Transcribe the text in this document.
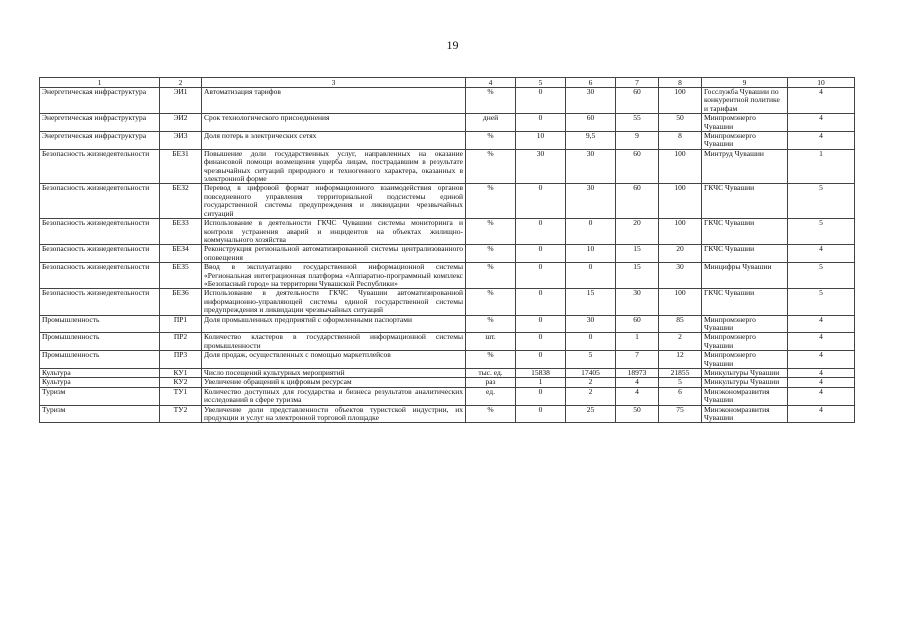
19
1	2	3	4	5	6	7	8	9	10
Энергетическая инфраструктура	ЭИ1	Автоматизация тарифов	%	0	30	60	100	Госслужба Чувашии по конкурентной политике и тарифам	4
Энергетическая инфраструктура	ЭИ2	Срок технологического присоединения	дней	0	60	55	50	Минпромэнерго Чувашии	4
Энергетическая инфраструктура	ЭИ3	Доля потерь в электрических сетях	%	10	9,5	9	8	Минпромэнерго Чувашии	4
Безопасность жизнедеятельности	БЕЗ1	Повышение доли государственных услуг, направленных на оказание финансовой помощи возмещения ущерба лицам, пострадавшим в результате чрезвычайных ситуаций природного и техногенного характера, оказанных в электронной форме	%	30	30	60	100	Минтруд Чувашии	1
Безопасность жизнедеятельности	БЕЗ2	Перевод в цифровой формат информационного взаимодействия органов повседневного управления территориальной подсистемы единой государственной системы предупреждения и ликвидации чрезвычайных ситуаций	%	0	30	60	100	ГКЧС Чувашии	5
Безопасность жизнедеятельности	БЕЗ3	Использование в деятельности ГКЧС Чувашии системы мониторинга и контроля устранения аварий и инцидентов на объектах жилищно-коммунального хозяйства	%	0	0	20	100	ГКЧС Чувашии	5
Безопасность жизнедеятельности	БЕЗ4	Реконструкция региональной автоматизированной системы централизованного оповещения	%	0	10	15	20	ГКЧС Чувашии	4
Безопасность жизнедеятельности	БЕЗ5	Ввод в эксплуатацию государственной информационной системы «Региональная интеграционная платформа «Аппаратно-программный комплекс «Безопасный город» на территории Чувашской Республики»	%	0	0	15	30	Минцифры Чувашии	5
Безопасность жизнедеятельности	БЕЗ6	Использование в деятельности ГКЧС Чувашии автоматизированной информационно-управляющей системы единой государственной системы предупреждения и ликвидации чрезвычайных ситуаций	%	0	15	30	100	ГКЧС Чувашии	5
Промышленность	ПР1	Доля промышленных предприятий с оформленными паспортами	%	0	30	60	85	Минпромэнерго Чувашии	4
Промышленность	ПР2	Количество кластеров в государственной информационной системы промышленности	шт.	0	0	1	2	Минпромэнерго Чувашии	4
Промышленность	ПР3	Доля продаж, осуществленных с помощью маркетплейсов	%	0	5	7	12	Минпромэнерго Чувашии	4
Культура	КУ1	Число посещений культурных мероприятий	тыс. ед.	15838	17405	18973	21855	Минкультуры Чувашии	4
Культура	КУ2	Увеличение обращений к цифровым ресурсам	раз	1	2	4	5	Минкультуры Чувашии	4
Туризм	ТУ1	Количество доступных для государства и бизнеса результатов аналитических исследований в сфере туризма	ед.	0	2	4	6	Минэкономразвития Чувашии	4
Туризм	ТУ2	Увеличение доли представленности объектов туристской индустрии, их продукции и услуг на электронной торговой площадке	%	0	25	50	75	Минэкономразвития Чувашии	4
